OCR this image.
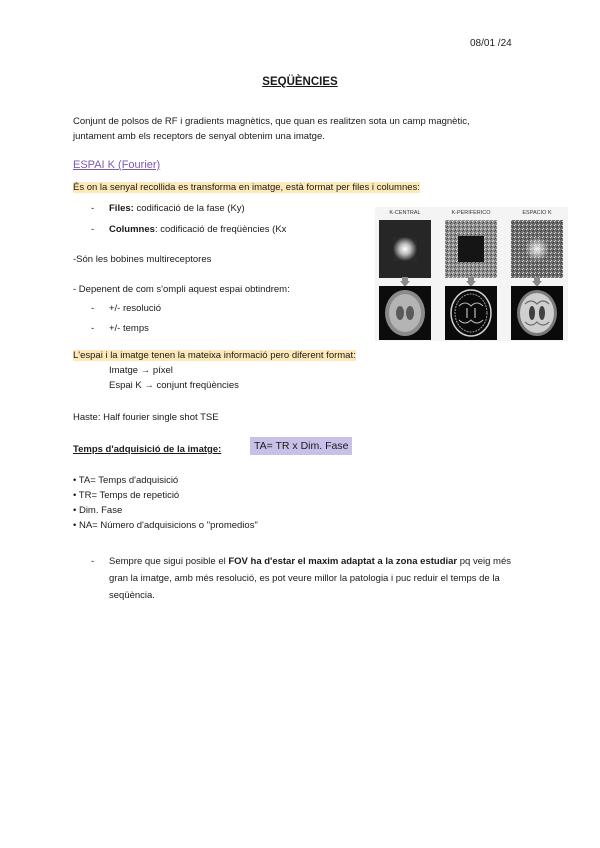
08/01 /24
SEQÜÈNCIES
Conjunt de polsos de RF i gradients magnètics, que quan es realitzen sota un camp magnètic, juntament amb els receptors de senyal obtenim una imatge.
ESPAI K (Fourier)
És on la senyal recollida es transforma en imatge, està format per files i columnes:
- Files: codificació de la fase (Ky)
- Columnes: codificació de freqüències (Kx
-Són les bobines multireceptores
- Depenent de com s'ompli aquest espai obtindrem:
- +/- resolució
- +/- temps
K-CENTRAL	K-PERIFERICO	ESPACIO K
L'espai i la imatge tenen la mateixa informació pero diferent format:
Imatge → píxel
Espai K → conjunt freqüències
Haste: Half fourier single shot TSE
Temps d'adquisició de la imatge:	TA= TR x Dim. Fase
• TA= Temps d'adquisició
• TR= Temps de repetició
• Dim. Fase
• NA= Número d'adquisicions o "promedios"
- Sempre que sigui posible el FOV ha d'estar el maxim adaptat a la zona estudiar pq veig més gran la imatge, amb més resolució, es pot veure millor la patologia i puc reduir el temps de la seqüència.
